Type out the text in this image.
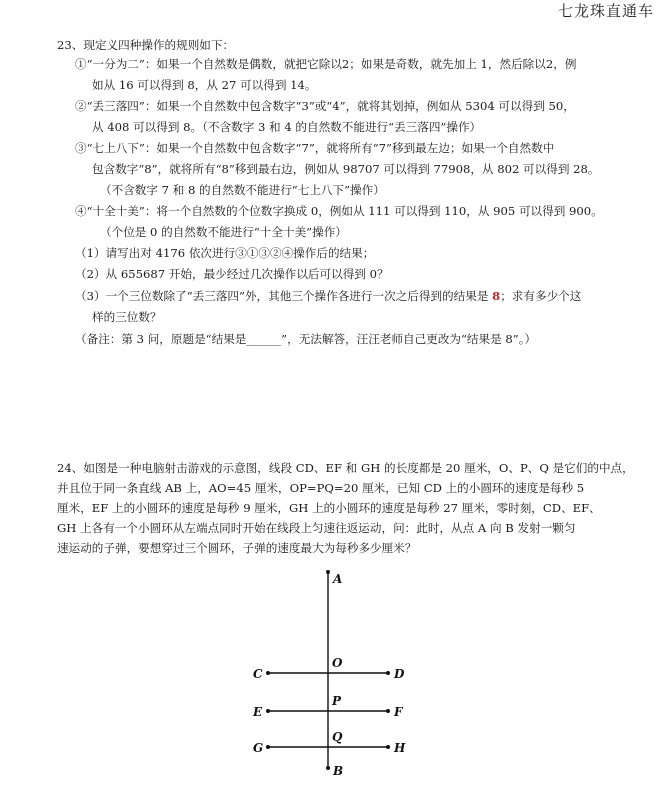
七龙珠直通车
23、现定义四种操作的规则如下：
①“一分为二”：如果一个自然数是偶数，就把它除以2；如果是奇数，就先加上 1，然后除以2，例
如从 16 可以得到 8，从 27 可以得到 14。
②“丢三落四”：如果一个自然数中包含数字“3”或“4”，就将其划掉，例如从 5304 可以得到 50，
从 408 可以得到 8。（不含数字 3 和 4 的自然数不能进行“丢三落四”操作）
③“七上八下”：如果一个自然数中包含数字“7”，就将所有“7”移到最左边；如果一个自然数中
包含数字“8”，就将所有“8”移到最右边，例如从 98707 可以得到 77908，从 802 可以得到 28。
（不含数字 7 和 8 的自然数不能进行“七上八下”操作）
④“十全十美”：将一个自然数的个位数字换成 0，例如从 111 可以得到 110，从 905 可以得到 900。
（个位是 0 的自然数不能进行“十全十美”操作）
（1）请写出对 4176 依次进行③①③②④操作后的结果；
（2）从 655687 开始，最少经过几次操作以后可以得到 0？
（3）一个三位数除了“丢三落四”外，其他三个操作各进行一次之后得到的结果是 8；求有多少个这
样的三位数？
（备注：第 3 问，原题是“结果是______”，无法解答，汪汪老师自己更改为“结果是 8”。）
24、如图是一种电脑射击游戏的示意图，线段 CD、EF 和 GH 的长度都是 20 厘米，O、P、Q 是它们的中点，
并且位于同一条直线 AB 上，AO=45 厘米，OP=PQ=20 厘米，已知 CD 上的小圆环的速度是每秒 5
厘米，EF 上的小圆环的速度是每秒 9 厘米，GH 上的小圆环的速度是每秒 27 厘米，零时刻，CD、EF、
GH 上各有一个小圆环从左端点同时开始在线段上匀速往返运动，问：此时，从点 A 向 B 发射一颗匀
速运动的子弹，要想穿过三个圆环，子弹的速度最大为每秒多少厘米？
A
B
C	D
E	F
G	H
O
P
Q
